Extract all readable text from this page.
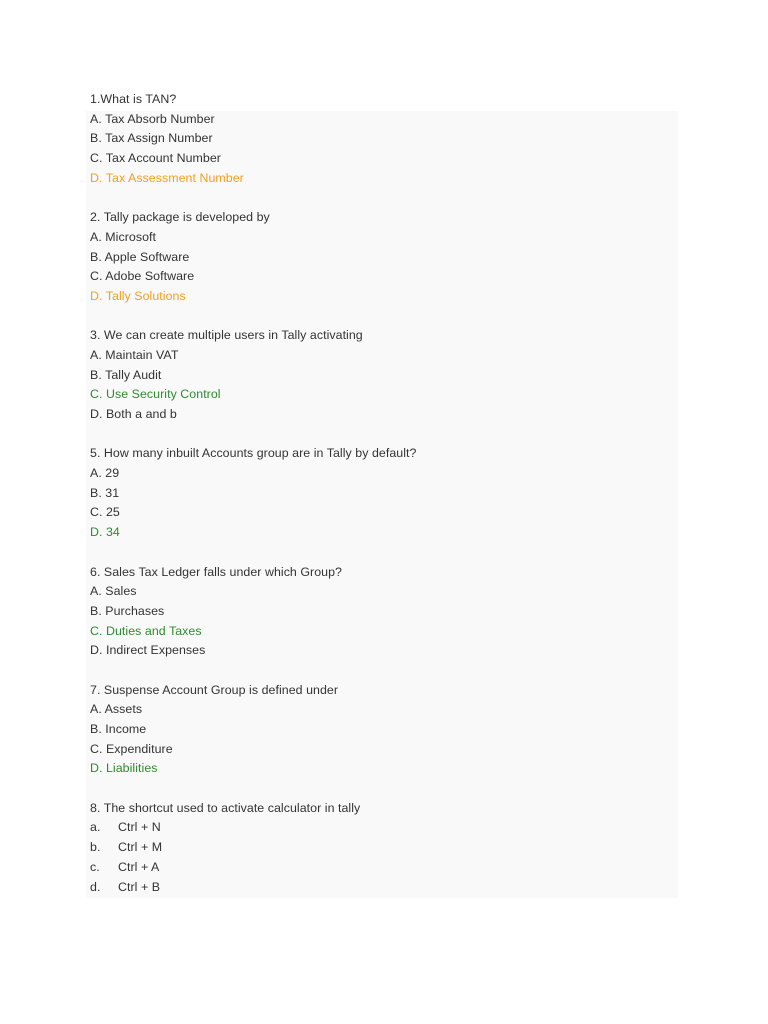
1.What is TAN?
A. Tax Absorb Number
B. Tax Assign Number
C. Tax Account Number
D. Tax Assessment Number
2. Tally package is developed by
A. Microsoft
B. Apple Software
C. Adobe Software
D. Tally Solutions
3. We can create multiple users in Tally activating
A. Maintain VAT
B. Tally Audit
C. Use Security Control
D. Both a and b
5. How many inbuilt Accounts group are in Tally by default?
A. 29
B. 31
C. 25
D. 34
6. Sales Tax Ledger falls under which Group?
A. Sales
B. Purchases
C. Duties and Taxes
D. Indirect Expenses
7. Suspense Account Group is defined under
A. Assets
B. Income
C. Expenditure
D. Liabilities
8. The shortcut used to activate calculator in tally
a. Ctrl + N
b. Ctrl + M
c. Ctrl + A
d. Ctrl + B
